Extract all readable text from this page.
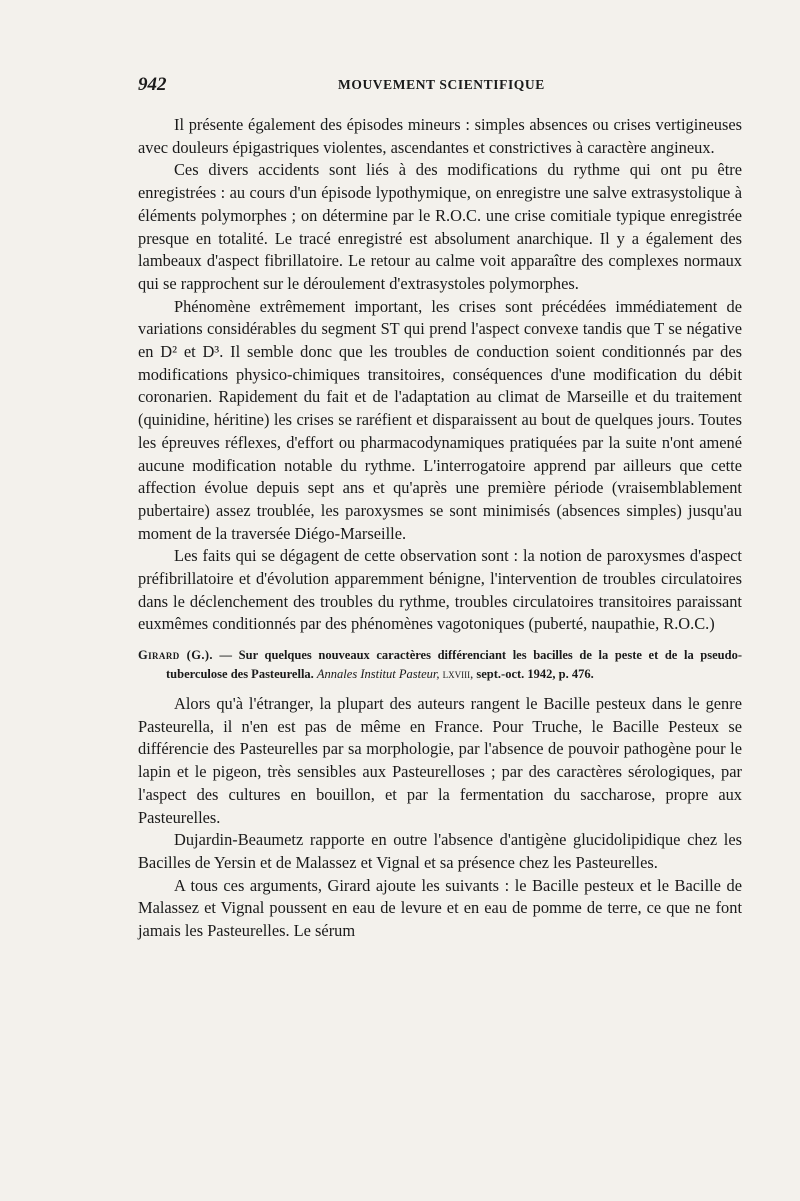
942	MOUVEMENT SCIENTIFIQUE

Il présente également des épisodes mineurs : simples absences ou crises vertigineuses avec douleurs épigastriques violentes, ascendantes et constrictives à caractère angineux.

Ces divers accidents sont liés à des modifications du rythme qui ont pu être enregistrées : au cours d'un épisode lypothymique, on enregistre une salve extrasystolique à éléments polymorphes ; on détermine par le R.O.C. une crise comitiale typique enregistrée presque en totalité. Le tracé enregistré est absolument anarchique. Il y a également des lambeaux d'aspect fibrillatoire. Le retour au calme voit apparaître des complexes normaux qui se rapprochent sur le déroulement d'extrasystoles polymorphes.

Phénomène extrêmement important, les crises sont précédées immédiatement de variations considérables du segment ST qui prend l'aspect convexe tandis que T se négative en D² et D³. Il semble donc que les troubles de conduction soient conditionnés par des modifications physico-chimiques transitoires, conséquences d'une modification du débit coronarien. Rapidement du fait et de l'adaptation au climat de Marseille et du traitement (quinidine, héritine) les crises se raréfient et disparaissent au bout de quelques jours. Toutes les épreuves réflexes, d'effort ou pharmacodynamiques pratiquées par la suite n'ont amené aucune modification notable du rythme. L'interrogatoire apprend par ailleurs que cette affection évolue depuis sept ans et qu'après une première période (vraisemblablement pubertaire) assez troublée, les paroxysmes se sont minimisés (absences simples) jusqu'au moment de la traversée Diégo-Marseille.

Les faits qui se dégagent de cette observation sont : la notion de paroxysmes d'aspect préfibrillatoire et d'évolution apparemment bénigne, l'intervention de troubles circulatoires dans le déclenchement des troubles du rythme, troubles circulatoires transitoires paraissant euxmêmes conditionnés par des phénomènes vagotoniques (puberté, naupathie, R.O.C.)

Girard (G.). — Sur quelques nouveaux caractères différenciant les bacilles de la peste et de la pseudo-tuberculose des Pasteurella. Annales Institut Pasteur, lxviii, sept.-oct. 1942, p. 476.

Alors qu'à l'étranger, la plupart des auteurs rangent le Bacille pesteux dans le genre Pasteurella, il n'en est pas de même en France. Pour Truche, le Bacille Pesteux se différencie des Pasteurelles par sa morphologie, par l'absence de pouvoir pathogène pour le lapin et le pigeon, très sensibles aux Pasteurelloses ; par des caractères sérologiques, par l'aspect des cultures en bouillon, et par la fermentation du saccharose, propre aux Pasteurelles.

Dujardin-Beaumetz rapporte en outre l'absence d'antigène glucidolipidique chez les Bacilles de Yersin et de Malassez et Vignal et sa présence chez les Pasteurelles.

A tous ces arguments, Girard ajoute les suivants : le Bacille pesteux et le Bacille de Malassez et Vignal poussent en eau de levure et en eau de pomme de terre, ce que ne font jamais les Pasteurelles. Le sérum
